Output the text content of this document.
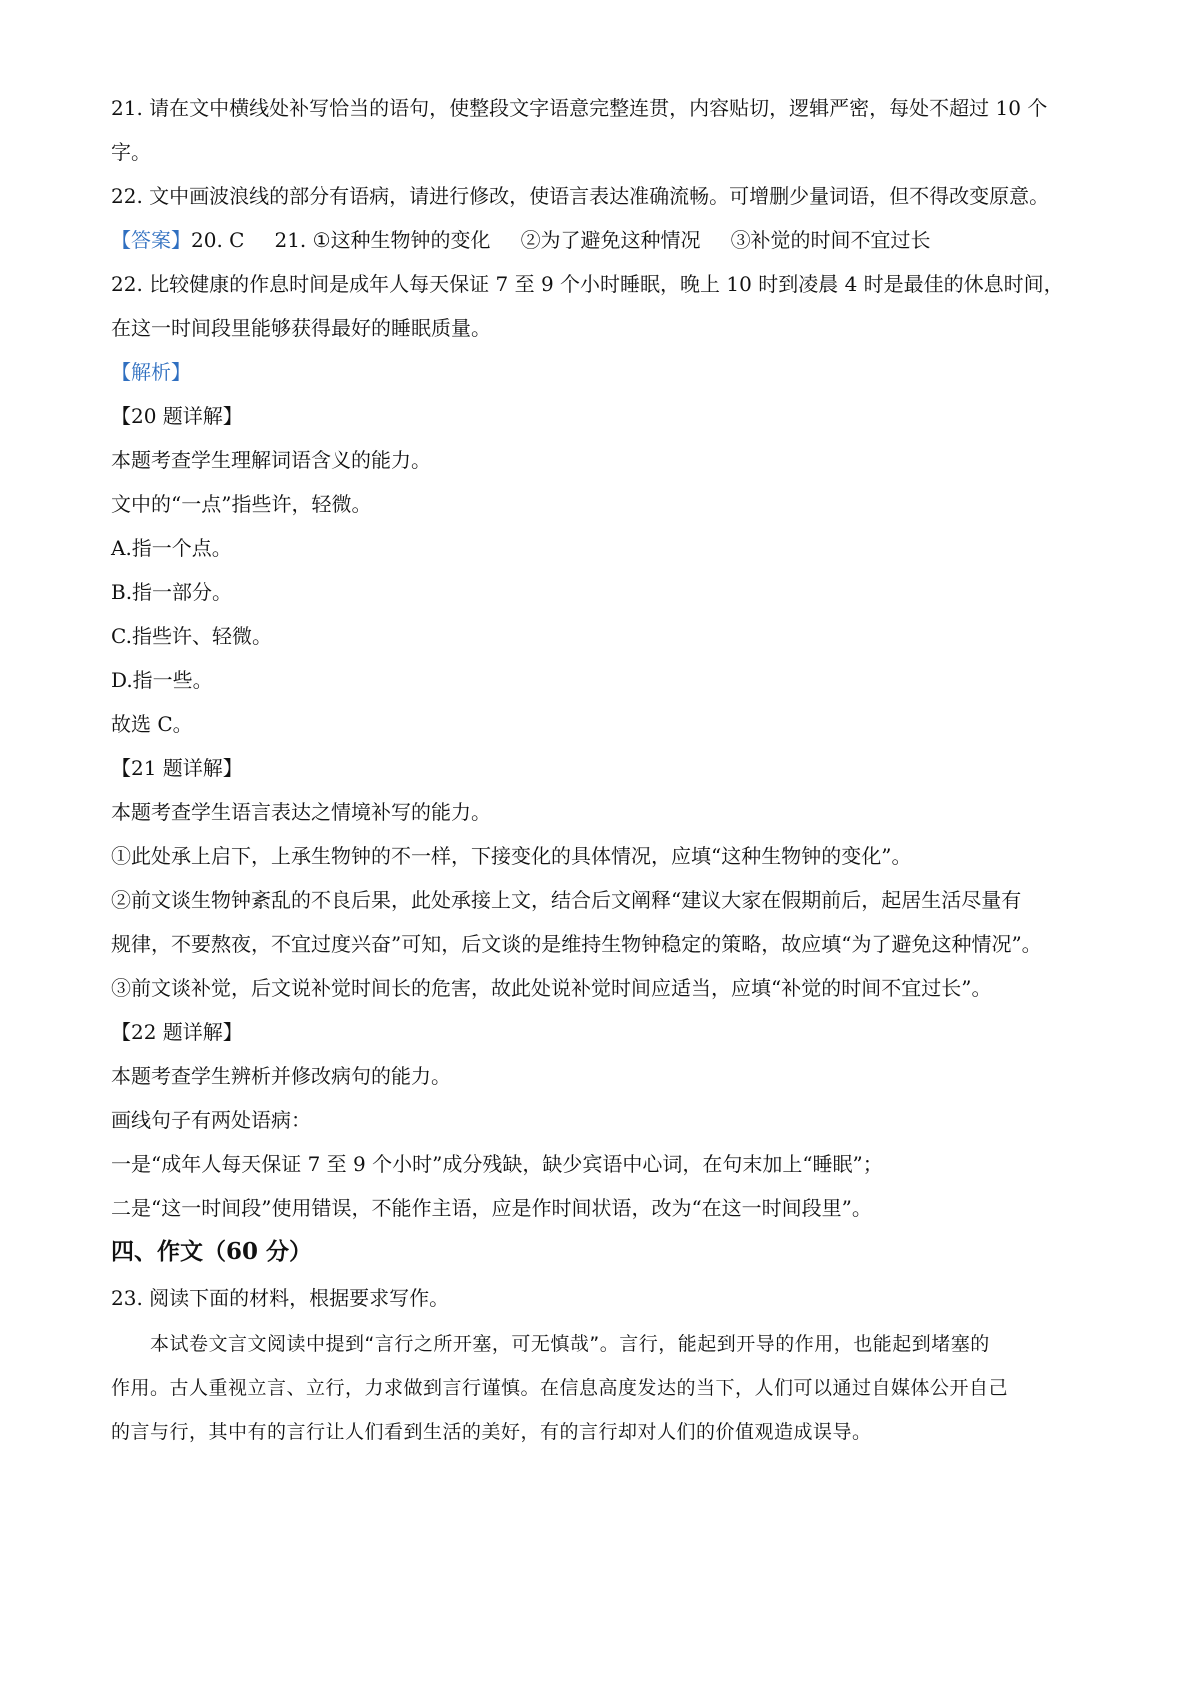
21. 请在文中横线处补写恰当的语句，使整段文字语意完整连贯，内容贴切，逻辑严密，每处不超过 10 个
字。
22. 文中画波浪线的部分有语病，请进行修改，使语言表达准确流畅。可增删少量词语，但不得改变原意。
【答案】20. C 21. ①这种生物钟的变化 ②为了避免这种情况 ③补觉的时间不宜过长
22. 比较健康的作息时间是成年人每天保证 7 至 9 个小时睡眠，晚上 10 时到凌晨 4 时是最佳的休息时间，
在这一时间段里能够获得最好的睡眠质量。
【解析】
【20 题详解】
本题考查学生理解词语含义的能力。
文中的“一点”指些许，轻微。
A.指一个点。
B.指一部分。
C.指些许、轻微。
D.指一些。
故选 C。
【21 题详解】
本题考查学生语言表达之情境补写的能力。
①此处承上启下，上承生物钟的不一样，下接变化的具体情况，应填“这种生物钟的变化”。
②前文谈生物钟紊乱的不良后果，此处承接上文，结合后文阐释“建议大家在假期前后，起居生活尽量有
规律，不要熬夜，不宜过度兴奋”可知，后文谈的是维持生物钟稳定的策略，故应填“为了避免这种情况”。
③前文谈补觉，后文说补觉时间长的危害，故此处说补觉时间应适当，应填“补觉的时间不宜过长”。
【22 题详解】
本题考查学生辨析并修改病句的能力。
画线句子有两处语病：
一是“成年人每天保证 7 至 9 个小时”成分残缺，缺少宾语中心词，在句末加上“睡眠”；
二是“这一时间段”使用错误，不能作主语，应是作时间状语，改为“在这一时间段里”。
四、作文（60 分）
23. 阅读下面的材料，根据要求写作。
本试卷文言文阅读中提到“言行之所开塞，可无慎哉”。言行，能起到开导的作用，也能起到堵塞的
作用。古人重视立言、立行，力求做到言行谨慎。在信息高度发达的当下，人们可以通过自媒体公开自己
的言与行，其中有的言行让人们看到生活的美好，有的言行却对人们的价值观造成误导。
